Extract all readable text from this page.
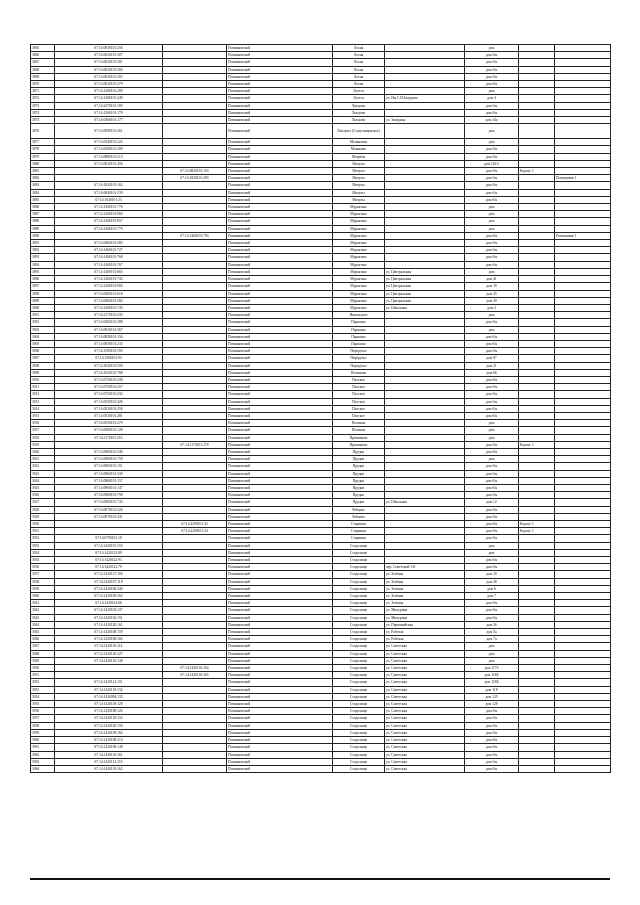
3865	67:14:0830101:256		Починковский	Лосня		дом		
3866	67:14:0020101:307		Починковский	Лосня		дом б/н		
3867	67:14:0020101:301		Починковский	Лосня		дом б/н		
3868	67:14:0020101:300		Починковский	Лосня		дом б/н		
3869	67:14:0020101:303		Починковский	Лосня		дом б/н		
3870	67:14:0020101:279		Починковский	Лосня		дом б/н		
3871	67:14:1480101:299		Починковский	Лучеса		дом		
3872	67:14:1480101:249		Починковский	Лучеса	ул. Им.С.И.Батурова	дом 4		
3873	67:14:2270101:185		Починковский	Лысцово		дом б/н		
3874	67:14:1360101:179		Починковский	Лысцово		дом б/н		
3875	67:14:0360101:177		Починковский	Лысцово	ул. Западная	дом 14а		
3876	67:14:0990101:261		Починковский	Лысцово (Стодолищенское)		дом		
3877	67:14:0340101:222		Починковский	Малиновка		дом		
3878	67:14:0290101:209		Починковский	Маньково		дом б/н		
3879	67:14:0880101:213		Починковский	Матрёна		дом б/н		
3880	67:14:0020101:456		Починковский	Мачулы		дом 126/2		
3881		67:14:0820101:103	Починковский	Мачулы		дом б/н	Корпус 1	
3882		67:14:1820101:283	Починковский	Мачулы		дом б/н		Помещение 1
3883	67:14:1820101:162		Починковский	Мачулы		дом б/н		
3884	67:14:0040101:239		Починковский	Мачулы		дом б/н		
3885	67:14:1040101:23		Починковский	Мачулы		дом б/н		
3886	67:14:1260101:776		Починковский	Мурыгино		дом		
3887	67:14:1460101:960		Починковский	Мурыгино		дом		
3888	67:14:1460101:857		Починковский	Мурыгино		дом		
3889	67:14:1460101:779		Починковский	Мурыгино		дом		
3890		67:14:1460101:793	Починковский	Мурыгино		дом б/н		Помещение 1
3891	67:14:0460101:583		Починковский	Мурыгино		дом б/н		
3892	67:14:1460101:727		Починковский	Мурыгино		дом б/н		
3893	67:14:1460101:768		Починковский	Мурыгино		дом б/н		
3894	67:14:1460101:767		Починковский	Мурыгино		дом б/н		
3895	67:14:1460101:665		Починковский	Мурыгино	ул. Центральная	дом		
3896	67:14:1460101:743		Починковский	Мурыгино	ул. Центральная	дом 41		
3897	67:14:1460101:902		Починковский	Мурыгино	ул. Центральная	дом 39		
3898	67:14:0460101:618		Починковский	Мурыгино	ул. Центральная	дом 45		
3899	67:14:0460101:582		Починковский	Мурыгино	ул. Центральная	дом 49		
3900	67:14:1460101:743		Починковский	Мурыгино	ул. Школьная	дом 2		
3901	67:14:2170101:233		Починковский	Никольское		дом		
3902	67:14:0260101:388		Починковский	Паршино		дом б/н		
3903	67:14:0920101:367		Починковский	Паршино		дом		
3904	67:14:0830101:156		Починковский	Паршино		дом б/н		
3905	67:14:0830101:233		Починковский	Паршино		дом б/н		
3906	67:14:1580101:193		Починковский	Переручье		дом б/н		
3907	67:14:1560101:93		Починковский	Переручье		дом 87		
3908	67:14:1040101:559		Починковский	Переручье		дом 21		
3909	67:14:1030101:788		Починковский	Плешково		дом 66		
3910	67:14:0730101:238		Починковский	Плоское		дом б/н		
3911	67:14:0730101:257		Починковский	Плоское		дом б/н		
3912	67:14:0730101:232		Починковский	Плоское		дом б/н		
3913	67:14:0530101:426		Починковский	Плоское		дом б/н		
3914	67:14:0530101:258		Починковский	Плоское		дом б/н		
3915	67:14:0530101:281		Починковский	Плоское		дом б/н		
3916	67:14:0530101:279		Починковский	Починок		дом		
3917	67:14:0980101:128		Починковский	Починок		дом		
3918	67:14:1170101:253		Починковский	Пришиково		дом		
3919		67:14:1170101:278	Починковский	Пришиково		дом б/н	Корпус 1	
3920	67:14:0960101:540		Починковский	Прудки		дом б/н		
3921	67:14:0960101:758		Починковский	Прудки		дом		
3922	67:14:0960101:151		Починковский	Прудки		дом б/н		
3923	67:14:0960101:330		Починковский	Прудки		дом б/н		
3924	67:14:0960101:157		Починковский	Прудки		дом б/н		
3925	67:14:0960101:147		Починковский	Прудки		дом б/н		
3926	67:14:0960101:798		Починковский	Прудки		дом б/н		
3927	67:14:0960101:743		Починковский	Прудки	ул. Школьная	дом 12		
3928	67:14:0970101:326		Починковский	Рябцево		дом б/н		
3929	67:14:0970101:331		Починковский	Рябцево		дом б/н		
3930		67:14:2290101:32	Починковский	Старинки		дом б/н	Корпус 1	
3931		67:14:2290101:34	Починковский	Старинки		дом б/н	Корпус 1	
3932	67:14:0790101:18		Починковский	Старинки		дом б/н		
3933	67:14:1420101:155		Починковский	Стодолище		дом		
3934	67:14:1420122:89		Починковский	Стодолище		дом		
3935	67:14:1420122:93		Починковский	Стодолище		дом б/н		
3936	67:14:1420122:79		Починковский	Стодолище	пер. Советский 1-й	дом б/н		
3937	67:14:1420127:168		Починковский	Стодолище	ул. Зелёная	дом 20		
3938	67:14:1420107:118		Починковский	Стодолище	ул. Зелёная	дом 28		
3939	67:14:1420106:340		Починковский	Стодолище	ул. Зелёная	дом 6		
3940	67:14:1420106:162		Починковский	Стодолище	ул. Зелёная	дом 7		
3941	67:14:1420122:66		Починковский	Стодолище	ул. Зелёная	дом б/н		
3942	67:14:1420102:137		Починковский	Стодолище	ул. Мичурина	дом б/н		
3943	67:14:1420102:151		Починковский	Стодолище	ул. Мичурина	дом б/н		
3944	67:14:1420120:161		Починковский	Стодолище	ул. Первомайская	дом 26		
3945	67:14:1420108:159		Починковский	Стодолище	ул. Рабочая	дом 5а		
3946	67:14:1420108:104		Починковский	Стодолище	ул. Рабочая	дом 7а		
3947	67:14:1420116:114		Починковский	Стодолище	ул. Советская	дом		
3948	67:14:1420120:227		Починковский	Стодолище	ул. Советская	дом		
3949	67:14:1420116:148		Починковский	Стодолище	ул. Советская	дом		
3950		67:14:1420116:164	Починковский	Стодолище	ул. Советская	дом 117б		
3951		67:14:1420118:165	Починковский	Стодолище	ул. Советская	дом 118Б		
3952	67:14:1420121:151		Починковский	Стодолище	ул. Советская	дом 118Б		
3953	67:14:1420119:132		Починковский	Стодолище	ул. Советская	дом 118		
3954	67:14:1420094:135		Починковский	Стодолище	ул. Советская	дом 125		
3955	67:14:1420118:128		Починковский	Стодолище	ул. Советская	дом 128		
3956	67:14:1420108:124		Починковский	Стодолище	ул. Советская	дом б/н		
3957	67:14:1420118:132		Починковский	Стодолище	ул. Советская	дом б/н		
3958	67:14:1420120:150		Починковский	Стодолище	ул. Советская	дом б/н		
3959	67:14:1420109:164		Починковский	Стодолище	ул. Советская	дом б/н		
3960	67:14:1420108:210		Починковский	Стодолище	ул. Советская	дом б/н		
3961	67:14:1420108:148		Починковский	Стодолище	ул. Советская	дом б/н		
3962	67:14:1420110:161		Починковский	Стодолище	ул. Советская	дом б/н		
3963	67:14:1420112:155		Починковский	Стодолище	ул. Советская	дом б/н		
3964	67:14:1420119:162		Починковский	Стодолище	ул. Советская	дом б/н		
